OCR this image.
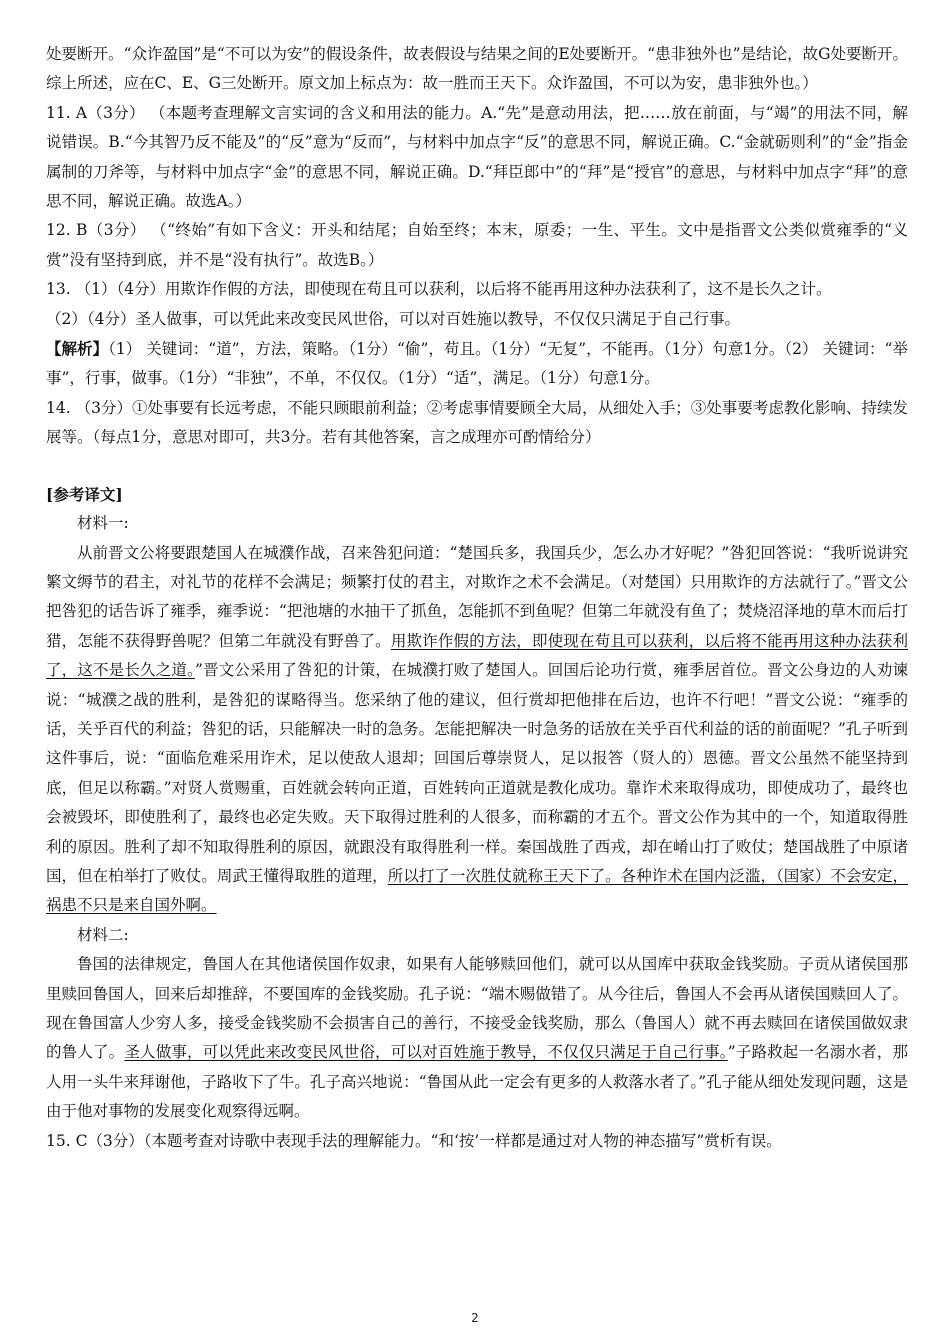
处要断开。“众诈盈国”是“不可以为安”的假设条件，故表假设与结果之间的E处要断开。“患非独外也”是结论，故G处要断开。综上所述，应在C、E、G三处断开。原文加上标点为：故一胜而王天下。众诈盈国，不可以为安，患非独外也。）

11. A（3分） （本题考查理解文言实词的含义和用法的能力。A.“先”是意动用法，把……放在前面，与“竭”的用法不同，解说错误。B.“今其智乃反不能及”的“反”意为“反而”，与材料中加点字“反”的意思不同，解说正确。C.“金就砺则利”的“金”指金属制的刀斧等，与材料中加点字“金”的意思不同，解说正确。D.“拜臣郎中”的“拜”是“授官”的意思，与材料中加点字“拜”的意思不同，解说正确。故选A。）

12. B（3分） （“终始”有如下含义：开头和结尾；自始至终；本末，原委；一生、平生。文中是指晋文公类似赏雍季的“义赏”没有坚持到底，并不是“没有执行”。故选B。）

13. （1）（4分）用欺诈作假的方法，即使现在苟且可以获利，以后将不能再用这种办法获利了，这不是长久之计。

（2）（4分）圣人做事，可以凭此来改变民风世俗，可以对百姓施以教导，不仅仅只满足于自己行事。

【解析】（1） 关键词：“道”，方法，策略。（1分）“偷”，苟且。（1分）“无复”，不能再。（1分）句意1分。（2） 关键词：“举事”，行事，做事。（1分）“非独”，不单，不仅仅。（1分）“适”，满足。（1分）句意1分。

14. （3分）①处事要有长远考虑，不能只顾眼前利益；②考虑事情要顾全大局，从细处入手；③处事要考虑教化影响、持续发展等。（每点1分，意思对即可，共3分。若有其他答案，言之成理亦可酌情给分）

[参考译文]

材料一:

从前晋文公将要跟楚国人在城濮作战，召来咎犯问道：“楚国兵多，我国兵少，怎么办才好呢？”咎犯回答说：“我听说讲究繁文缛节的君主，对礼节的花样不会满足；频繁打仗的君主，对欺诈之术不会满足。（对楚国）只用欺诈的方法就行了。”晋文公把咎犯的话告诉了雍季，雍季说：“把池塘的水抽干了抓鱼，怎能抓不到鱼呢？但第二年就没有鱼了；焚烧沼泽地的草木而后打猎，怎能不获得野兽呢？但第二年就没有野兽了。用欺诈作假的方法，即使现在苟且可以获利，以后将不能再用这种办法获利了，这不是长久之道。”晋文公采用了咎犯的计策，在城濮打败了楚国人。回国后论功行赏，雍季居首位。晋文公身边的人劝谏说：“城濮之战的胜利，是咎犯的谋略得当。您采纳了他的建议，但行赏却把他排在后边，也许不行吧！”晋文公说：“雍季的话，关乎百代的利益；咎犯的话，只能解决一时的急务。怎能把解决一时急务的话放在关乎百代利益的话的前面呢？”孔子听到这件事后，说：“面临危难采用诈术，足以使敌人退却；回国后尊崇贤人，足以报答（贤人的）恩德。晋文公虽然不能坚持到底，但足以称霸。”对贤人赏赐重，百姓就会转向正道，百姓转向正道就是教化成功。靠诈术来取得成功，即使成功了，最终也会被毁坏，即使胜利了，最终也必定失败。天下取得过胜利的人很多，而称霸的才五个。晋文公作为其中的一个，知道取得胜利的原因。胜利了却不知取得胜利的原因，就跟没有取得胜利一样。秦国战胜了西戎，却在崤山打了败仗；楚国战胜了中原诸国，但在柏举打了败仗。周武王懂得取胜的道理，所以打了一次胜仗就称王天下了。各种诈术在国内泛滥，（国家）不会安定，祸患不只是来自国外啊。

材料二:

鲁国的法律规定，鲁国人在其他诸侯国作奴隶，如果有人能够赎回他们，就可以从国库中获取金钱奖励。子贡从诸侯国那里赎回鲁国人，回来后却推辞，不要国库的金钱奖励。孔子说：“端木赐做错了。从今往后，鲁国人不会再从诸侯国赎回人了。现在鲁国富人少穷人多，接受金钱奖励不会损害自己的善行，不接受金钱奖励，那么（鲁国人）就不再去赎回在诸侯国做奴隶的鲁人了。圣人做事，可以凭此来改变民风世俗，可以对百姓施于教导，不仅仅只满足于自己行事。”子路救起一名溺水者，那人用一头牛来拜谢他，子路收下了牛。孔子高兴地说：“鲁国从此一定会有更多的人救落水者了。”孔子能从细处发现问题，这是由于他对事物的发展变化观察得远啊。

15. C（3分）（本题考查对诗歌中表现手法的理解能力。“和‘按’一样都是通过对人物的神态描写”赏析有误。

2
